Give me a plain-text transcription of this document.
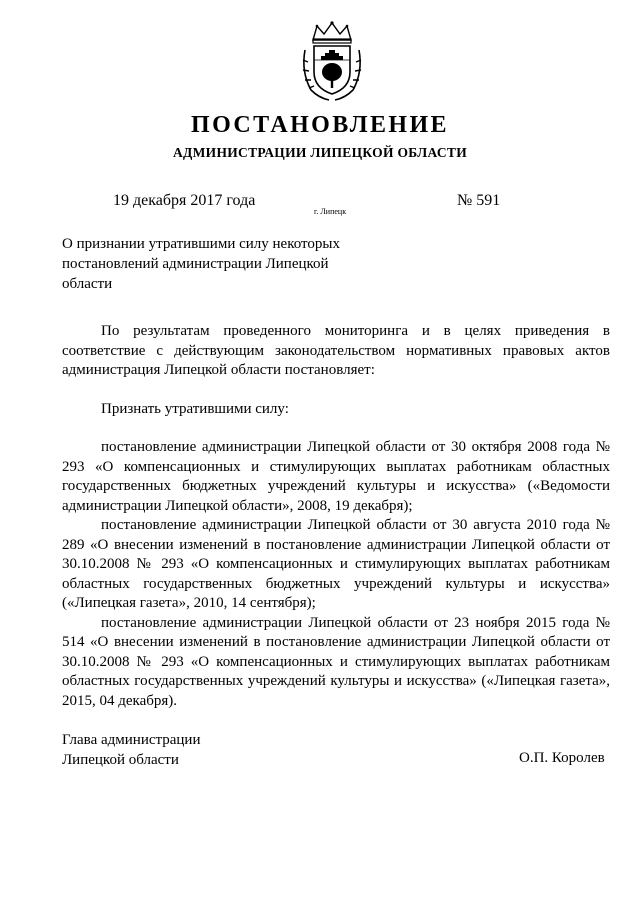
ПОСТАНОВЛЕНИЕ
АДМИНИСТРАЦИИ ЛИПЕЦКОЙ ОБЛАСТИ
19 декабря 2017 года
г. Липецк
№ 591
О признании утратившими силу некоторых
постановлений администрации Липецкой
области

По результатам проведенного мониторинга и в целях приведения в соответствие с действующим законодательством нормативных правовых актов администрация Липецкой области постановляет:

Признать утратившими силу:

постановление администрации Липецкой области от 30 октября 2008 года № 293 «О компенсационных и стимулирующих выплатах работникам областных государственных бюджетных учреждений культуры и искусства» («Ведомости администрации Липецкой области», 2008, 19 декабря);

постановление администрации Липецкой области от 30 августа 2010 года № 289 «О внесении изменений в постановление администрации Липецкой области от 30.10.2008 № 293 «О компенсационных и стимулирующих выплатах работникам областных государственных бюджетных учреждений культуры и искусства» («Липецкая газета», 2010, 14 сентября);

постановление администрации Липецкой области от 23 ноября 2015 года № 514 «О внесении изменений в постановление администрации Липецкой области от 30.10.2008 № 293 «О компенсационных и стимулирующих выплатах работникам областных государственных учреждений культуры и искусства» («Липецкая газета», 2015, 04 декабря).

Глава администрации
Липецкой области	О.П. Королев
